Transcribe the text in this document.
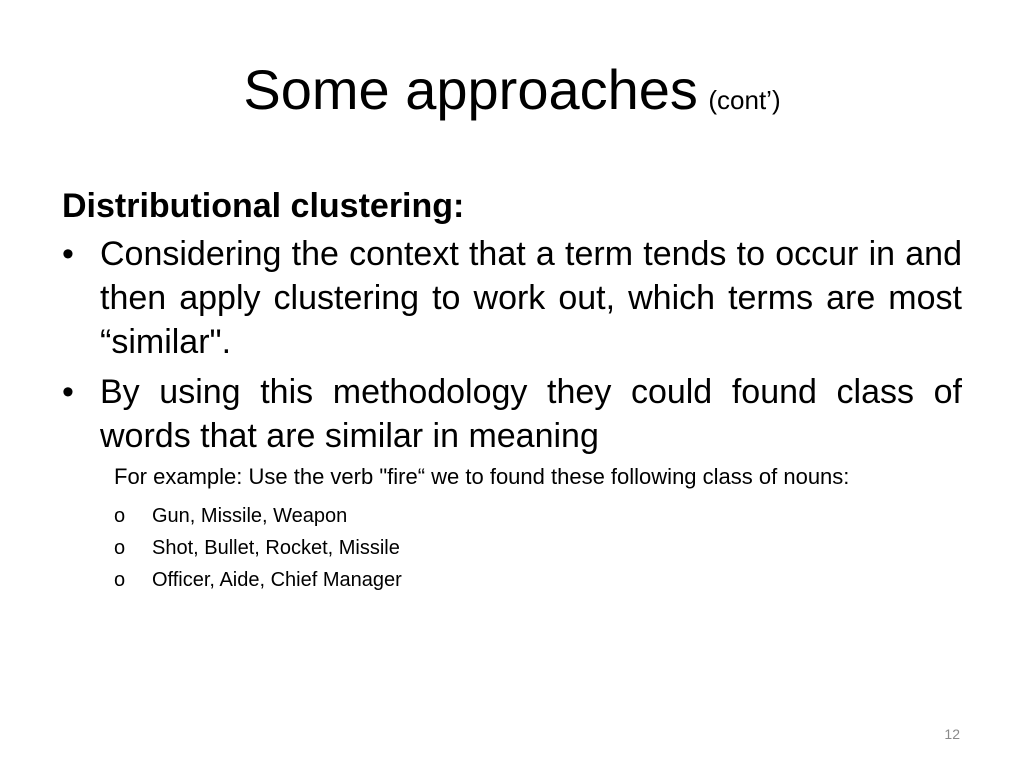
Some approaches (cont’)
Distributional clustering:
• Considering the context that a term tends to occur in and then apply clustering to work out, which terms are most “similar".
• By using this methodology they could found class of words that are similar in meaning
For example: Use the verb "fire“ we to found these following class of nouns:
o Gun, Missile, Weapon
o Shot, Bullet, Rocket, Missile
o Officer, Aide, Chief Manager
12
